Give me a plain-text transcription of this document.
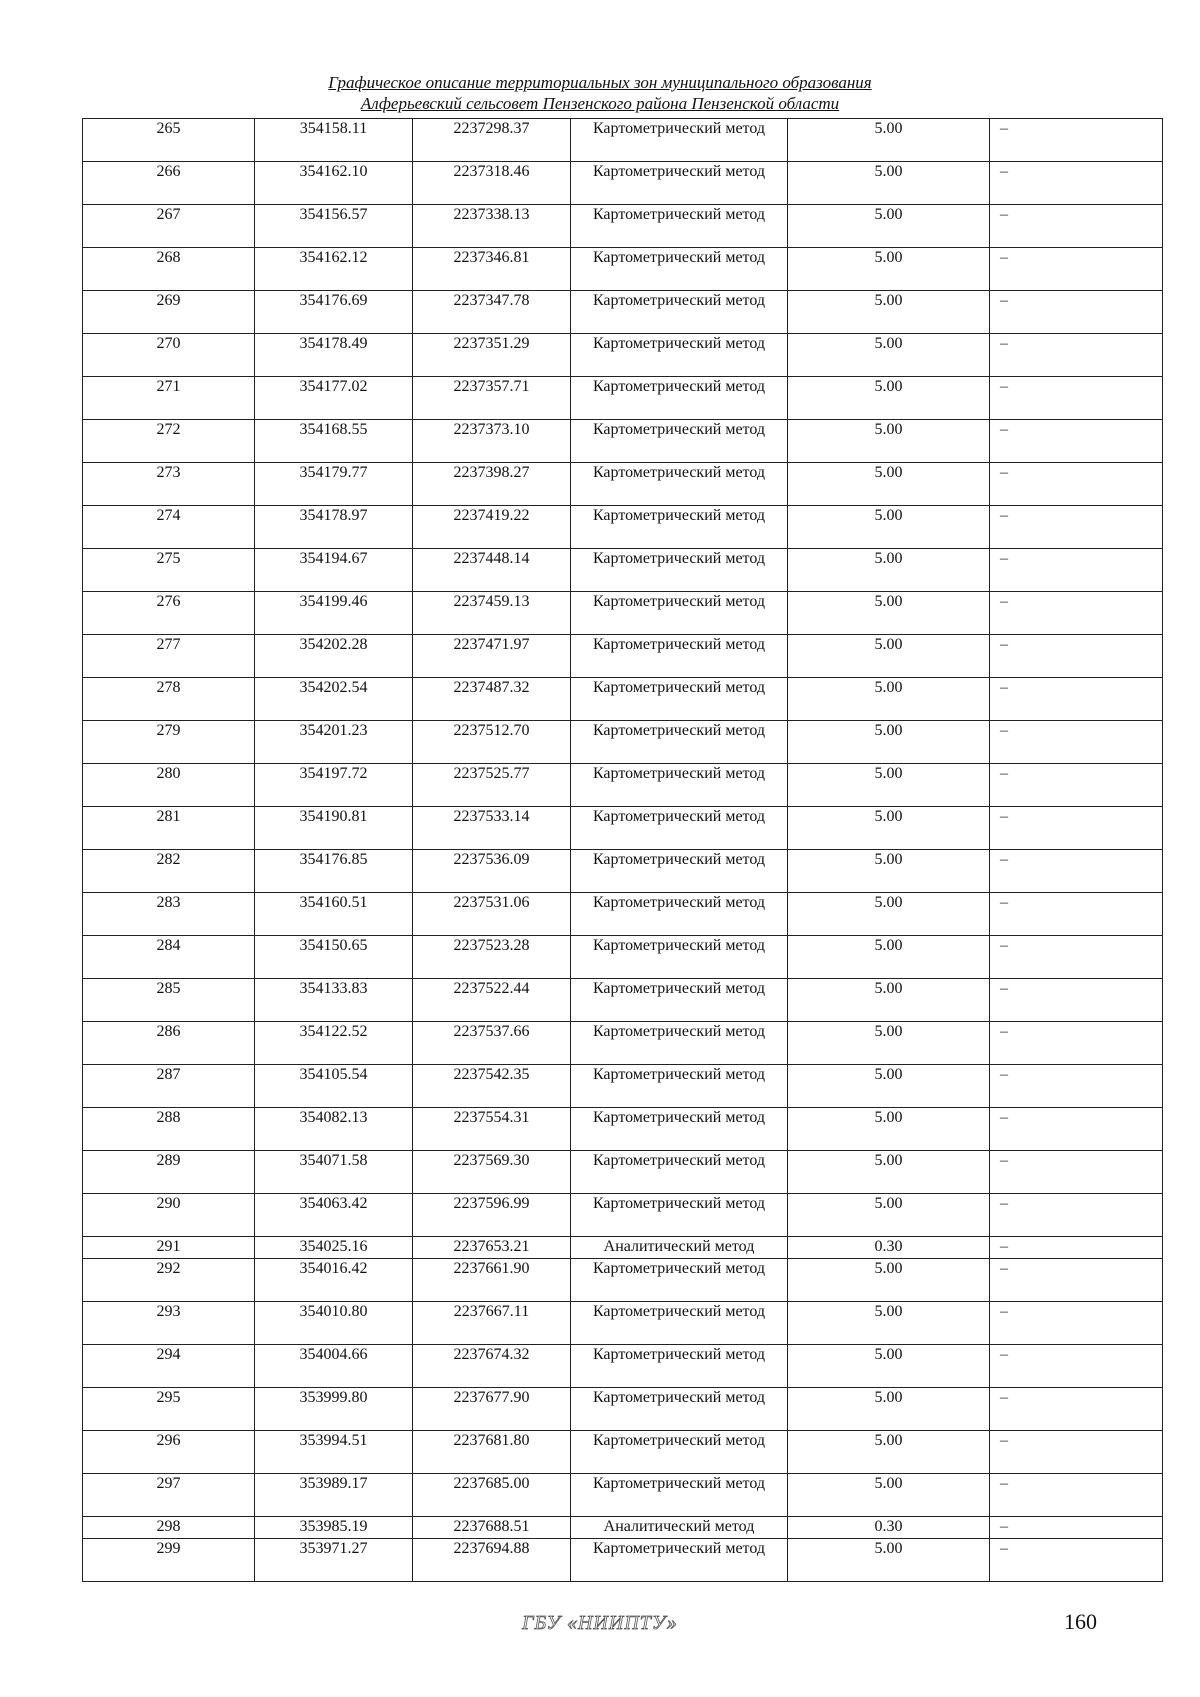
Графическое описание территориальных зон муниципального образования
Алферьевский сельсовет Пензенского района Пензенской области
265	354158.11	2237298.37	Картометрический метод	5.00	–
266	354162.10	2237318.46	Картометрический метод	5.00	–
267	354156.57	2237338.13	Картометрический метод	5.00	–
268	354162.12	2237346.81	Картометрический метод	5.00	–
269	354176.69	2237347.78	Картометрический метод	5.00	–
270	354178.49	2237351.29	Картометрический метод	5.00	–
271	354177.02	2237357.71	Картометрический метод	5.00	–
272	354168.55	2237373.10	Картометрический метод	5.00	–
273	354179.77	2237398.27	Картометрический метод	5.00	–
274	354178.97	2237419.22	Картометрический метод	5.00	–
275	354194.67	2237448.14	Картометрический метод	5.00	–
276	354199.46	2237459.13	Картометрический метод	5.00	–
277	354202.28	2237471.97	Картометрический метод	5.00	–
278	354202.54	2237487.32	Картометрический метод	5.00	–
279	354201.23	2237512.70	Картометрический метод	5.00	–
280	354197.72	2237525.77	Картометрический метод	5.00	–
281	354190.81	2237533.14	Картометрический метод	5.00	–
282	354176.85	2237536.09	Картометрический метод	5.00	–
283	354160.51	2237531.06	Картометрический метод	5.00	–
284	354150.65	2237523.28	Картометрический метод	5.00	–
285	354133.83	2237522.44	Картометрический метод	5.00	–
286	354122.52	2237537.66	Картометрический метод	5.00	–
287	354105.54	2237542.35	Картометрический метод	5.00	–
288	354082.13	2237554.31	Картометрический метод	5.00	–
289	354071.58	2237569.30	Картометрический метод	5.00	–
290	354063.42	2237596.99	Картометрический метод	5.00	–
291	354025.16	2237653.21	Аналитический метод	0.30	–
292	354016.42	2237661.90	Картометрический метод	5.00	–
293	354010.80	2237667.11	Картометрический метод	5.00	–
294	354004.66	2237674.32	Картометрический метод	5.00	–
295	353999.80	2237677.90	Картометрический метод	5.00	–
296	353994.51	2237681.80	Картометрический метод	5.00	–
297	353989.17	2237685.00	Картометрический метод	5.00	–
298	353985.19	2237688.51	Аналитический метод	0.30	–
299	353971.27	2237694.88	Картометрический метод	5.00	–
ГБУ «НИИПТУ»	160
